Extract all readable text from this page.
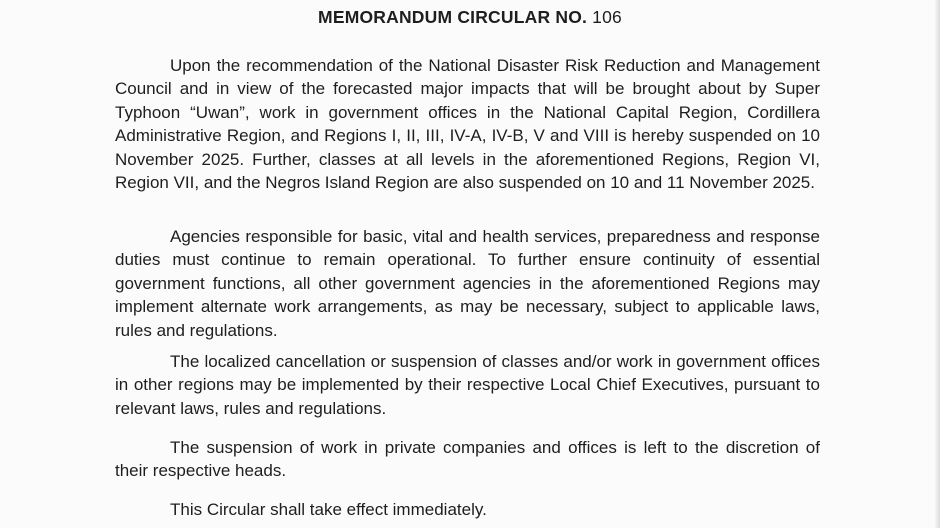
MEMORANDUM CIRCULAR NO. 106

Upon the recommendation of the National Disaster Risk Reduction and Management Council and in view of the forecasted major impacts that will be brought about by Super Typhoon “Uwan”, work in government offices in the National Capital Region, Cordillera Administrative Region, and Regions I, II, III, IV-A, IV-B, V and VIII is hereby suspended on 10 November 2025. Further, classes at all levels in the aforementioned Regions, Region VI, Region VII, and the Negros Island Region are also suspended on 10 and 11 November 2025.

Agencies responsible for basic, vital and health services, preparedness and response duties must continue to remain operational. To further ensure continuity of essential government functions, all other government agencies in the aforementioned Regions may implement alternate work arrangements, as may be necessary, subject to applicable laws, rules and regulations.

The localized cancellation or suspension of classes and/or work in government offices in other regions may be implemented by their respective Local Chief Executives, pursuant to relevant laws, rules and regulations.

The suspension of work in private companies and offices is left to the discretion of their respective heads.

This Circular shall take effect immediately.
